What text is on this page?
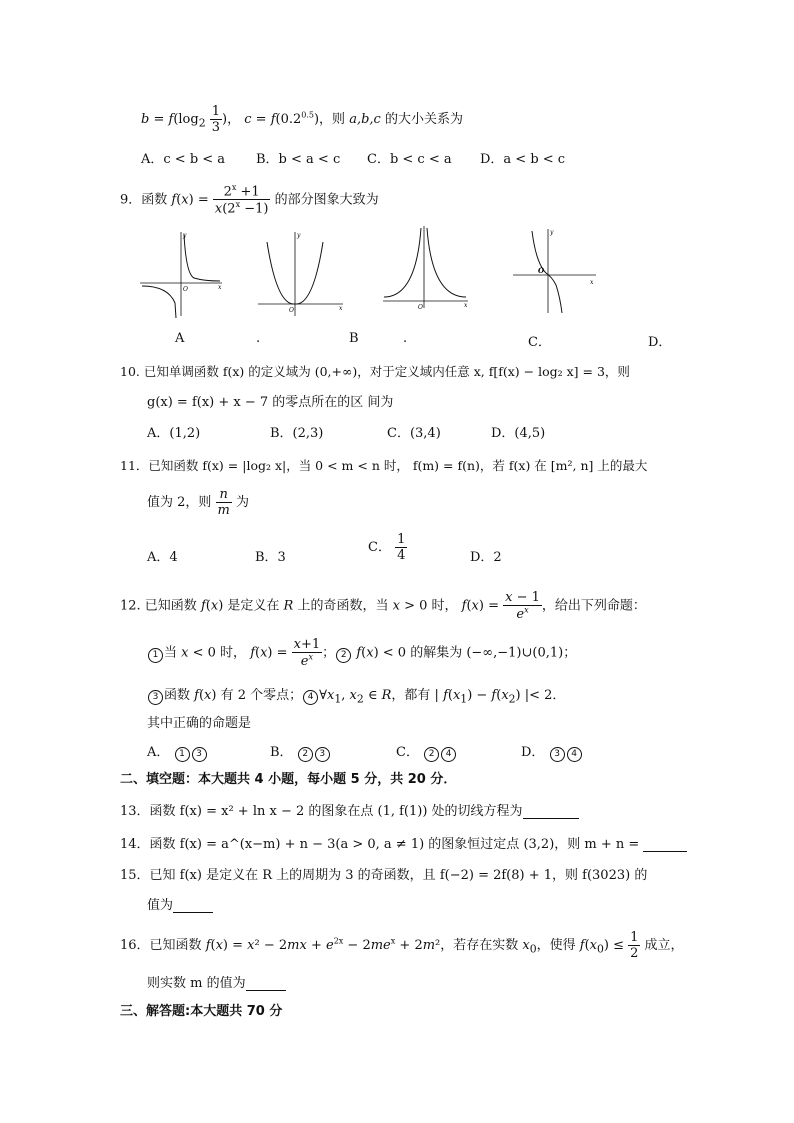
$b = f(\log_2 \frac{1}{3}$ )， $c = f(0.2^{0.5})$，则 a,b,c 的大小关系为
A．c < b < a B．b < a < c C．b < c < a D．a < b < c
9．函数 $f(x) = \frac{2^x +1}{x(2^x -1)}$ 的部分图象大致为
x
y
O
x
y
O
x
O
x
y
O
A	.	B	.	C．	D．
10. 已知单调函数 f(x) 的定义域为 (0,+∞)，对于定义域内任意 x, f[f(x) − log₂ x] = 3，则
g(x) = f(x) + x − 7 的零点所在的区 间为
A．(1,2)	B．(2,3)	C．(3,4)	D．(4,5)
11．已知函数 f(x) = |log₂ x|，当 0 < m < n 时， f(m) = f(n)，若 f(x) 在 [m², n] 上的最大
值为 2，则 $\frac{n}{m}$ 为
A．4	B．3
C． $\frac{1}{4}$	D．2
12. 已知函数 f(x) 是定义在 R 上的奇函数，当 x > 0 时， $f(x) = \frac{x - 1}{e^x}$ ，给出下列命题：
1 当 x < 0 时， $f(x) = \frac{x+1}{e^x}$ ； 2 f(x) < 0 的解集为 (−∞,−1)∪(0,1)；
3 函数 f(x) 有 2 个零点； 4 $\forall x_1$, $x_2$ ∈ R，都有 | $f(x_1) - f(x_2)$ |< 2．
其中正确的命题是
A． 1 3	B． 2 3	C． 2 4	D． 3 4
二、填空题：本大题共 4 小题，每小题 5 分，共 20 分．
13．函数 f(x) = x² + ln x − 2 的图象在点 (1, f(1)) 处的切线方程为
14．函数 f(x) = a^(x−m) + n − 3(a > 0, a ≠ 1) 的图象恒过定点 (3,2)，则 m + n =
15．已知 f(x) 是定义在 R 上的周期为 3 的奇函数，且 f(−2) = 2f(8) + 1，则 f(3023) 的
值为
16．已知函数 $f(x) = x^2 - 2mx + e^{2x} - 2me^x + 2m^2$，若存在实数 $x_0$，使得 $f(x_0) \le \frac{1}{2}$ 成立，
则实数 m 的值为
三、解答题:本大题共 70 分
